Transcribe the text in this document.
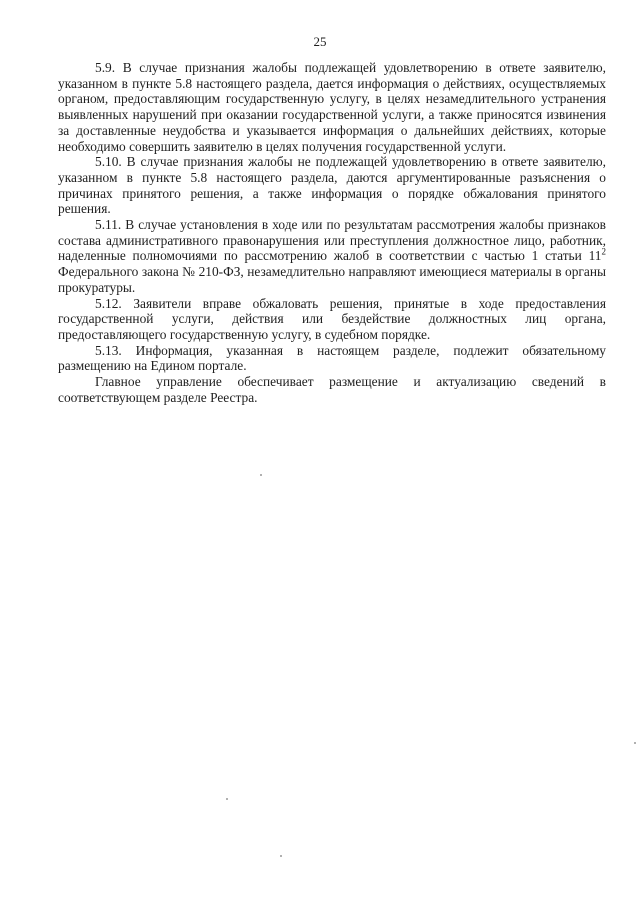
25

5.9. В случае признания жалобы подлежащей удовлетворению в ответе заявителю, указанном в пункте 5.8 настоящего раздела, дается информация о действиях, осуществляемых органом, предоставляющим государственную услугу, в целях незамедлительного устранения выявленных нарушений при оказании государственной услуги, а также приносятся извинения за доставленные неудобства и указывается информация о дальнейших действиях, которые необходимо совершить заявителю в целях получения государственной услуги.

5.10. В случае признания жалобы не подлежащей удовлетворению в ответе заявителю, указанном в пункте 5.8 настоящего раздела, даются аргументированные разъяснения о причинах принятого решения, а также информация о порядке обжалования принятого решения.

5.11. В случае установления в ходе или по результатам рассмотрения жалобы признаков состава административного правонарушения или преступления должностное лицо, работник, наделенные полномочиями по рассмотрению жалоб в соответствии с частью 1 статьи $11^2$ Федерального закона № 210-ФЗ, незамедлительно направляют имеющиеся материалы в органы прокуратуры.

5.12. Заявители вправе обжаловать решения, принятые в ходе предоставления государственной услуги, действия или бездействие должностных лиц органа, предоставляющего государственную услугу, в судебном порядке.

5.13. Информация, указанная в настоящем разделе, подлежит обязательному размещению на Едином портале.

Главное управление обеспечивает размещение и актуализацию сведений в соответствующем разделе Реестра.
